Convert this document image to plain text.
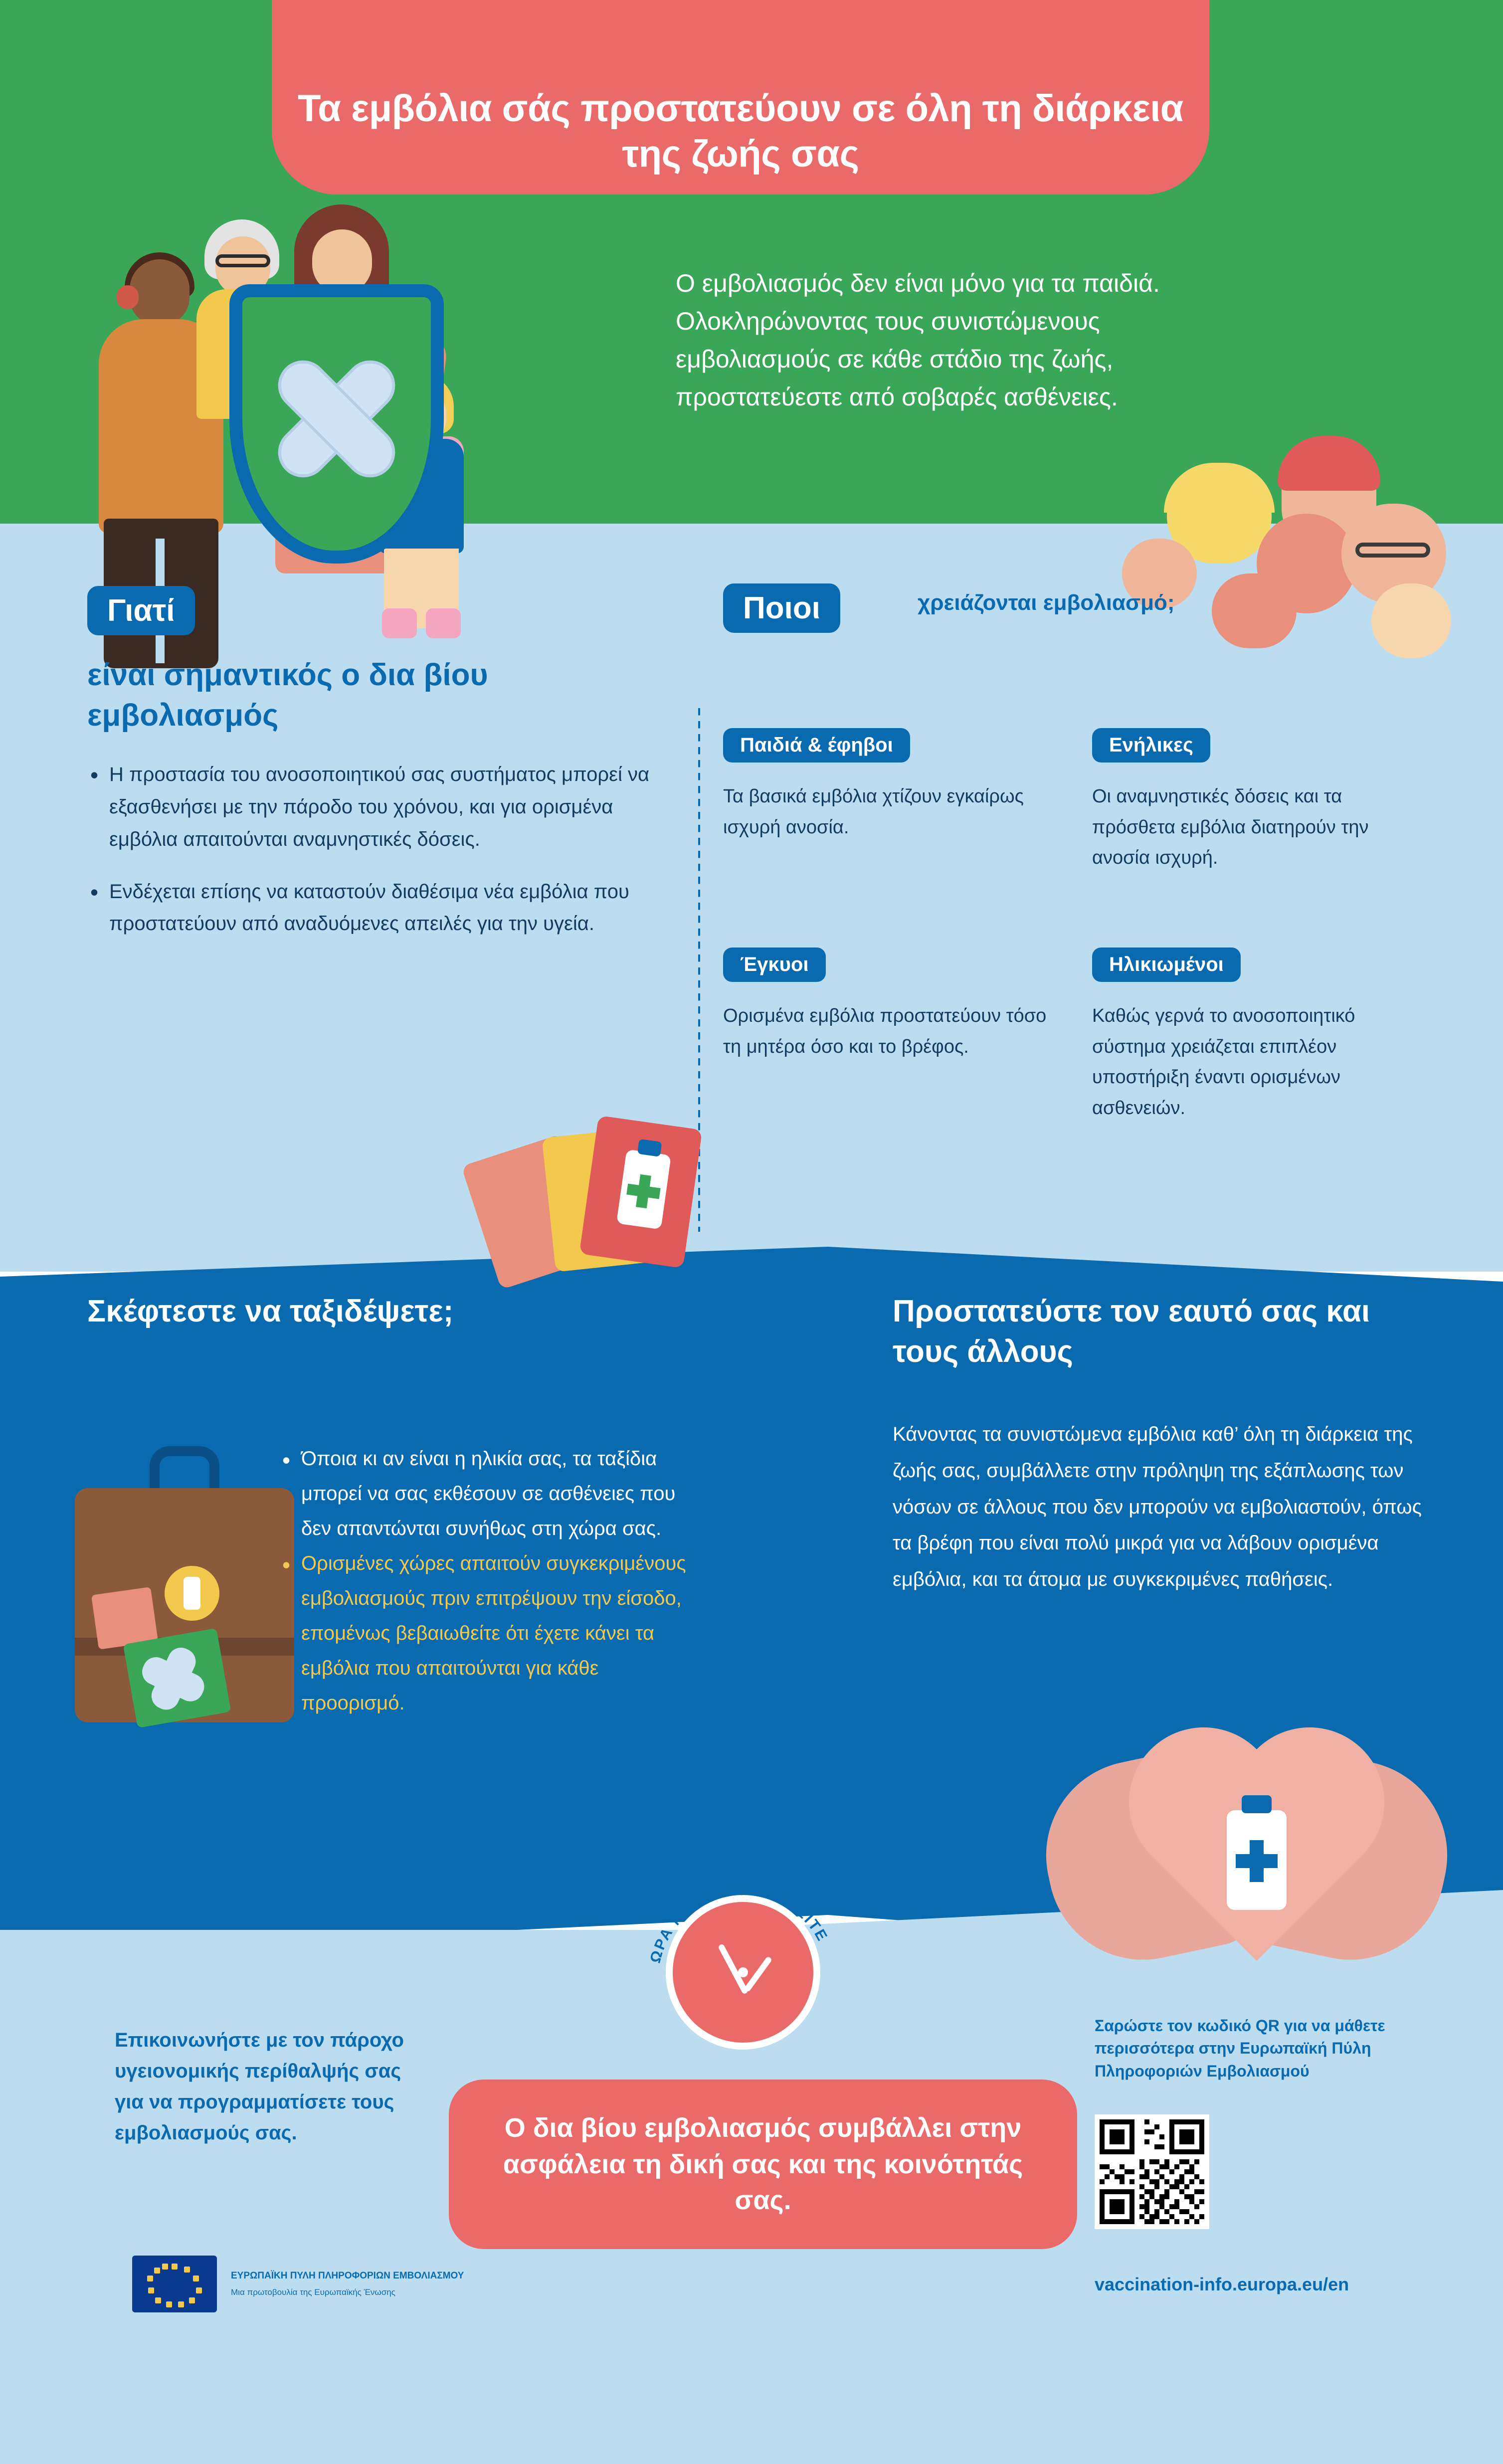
Τα εμβόλια σάς προστατεύουν σε όλη τη διάρκεια της ζωής σας
Ο εμβολιασμός δεν είναι μόνο για τα παιδιά. Ολοκληρώνοντας τους συνιστώμενους εμβολιασμούς σε κάθε στάδιο της ζωής, προστατεύεστε από σοβαρές ασθένειες.
Γιατί
είναι σημαντικός ο δια βίου εμβολιασμός
• Η προστασία του ανοσοποιητικού σας συστήματος μπορεί να εξασθενήσει με την πάροδο του χρόνου, και για ορισμένα εμβόλια απαιτούνται αναμνηστικές δόσεις.
• Ενδέχεται επίσης να καταστούν διαθέσιμα νέα εμβόλια που προστατεύουν από αναδυόμενες απειλές για την υγεία.
Ποιοι	χρειάζονται εμβολιασμό;
Παιδιά & έφηβοι
Τα βασικά εμβόλια χτίζουν εγκαίρως ισχυρή ανοσία.
Ενήλικες
Οι αναμνηστικές δόσεις και τα πρόσθετα εμβόλια διατηρούν την ανοσία ισχυρή.
Έγκυοι
Ορισμένα εμβόλια προστατεύουν τόσο τη μητέρα όσο και το βρέφος.
Ηλικιωμένοι
Καθώς γερνά το ανοσοποιητικό σύστημα χρειάζεται επιπλέον υποστήριξη έναντι ορισμένων ασθενειών.
Σκέφτεστε να ταξιδέψετε;
• Όποια κι αν είναι η ηλικία σας, τα ταξίδια μπορεί να σας εκθέσουν σε ασθένειες που δεν απαντώνται συνήθως στη χώρα σας.
• Ορισμένες χώρες απαιτούν συγκεκριμένους εμβολιασμούς πριν επιτρέψουν την είσοδο, επομένως βεβαιωθείτε ότι έχετε κάνει τα εμβόλια που απαιτούνται για κάθε προορισμό.
Προστατεύστε τον εαυτό σας και τους άλλους
Κάνοντας τα συνιστώμενα εμβόλια καθ’ όλη τη διάρκεια της ζωής σας, συμβάλλετε στην πρόληψη της εξάπλωσης των νόσων σε άλλους που δεν μπορούν να εμβολιαστούν, όπως τα βρέφη που είναι πολύ μικρά για να λάβουν ορισμένα εμβόλια, και τα άτομα με συγκεκριμένες παθήσεις.
ΩΡΑ ΝΑ ΕΜΒΟΛΙΑΣΤΕΙΤΕ
Επικοινωνήστε με τον πάροχο υγειονομικής περίθαλψής σας για να προγραμματίσετε τους εμβολιασμούς σας.	Ο δια βίου εμβολιασμός συμβάλλει στην ασφάλεια τη δική σας και της κοινότητάς σας.

Σαρώστε τον κωδικό QR για να μάθετε περισσότερα στην Ευρωπαϊκή Πύλη Πληροφοριών Εμβολιασμού
vaccination-info.europa.eu/en
ΕΥΡΩΠΑΪΚΗ ΠΥΛΗ ΠΛΗΡΟΦΟΡΙΩΝ ΕΜΒΟΛΙΑΣΜΟΥ
Μια πρωτοβουλία της Ευρωπαϊκής Ένωσης
